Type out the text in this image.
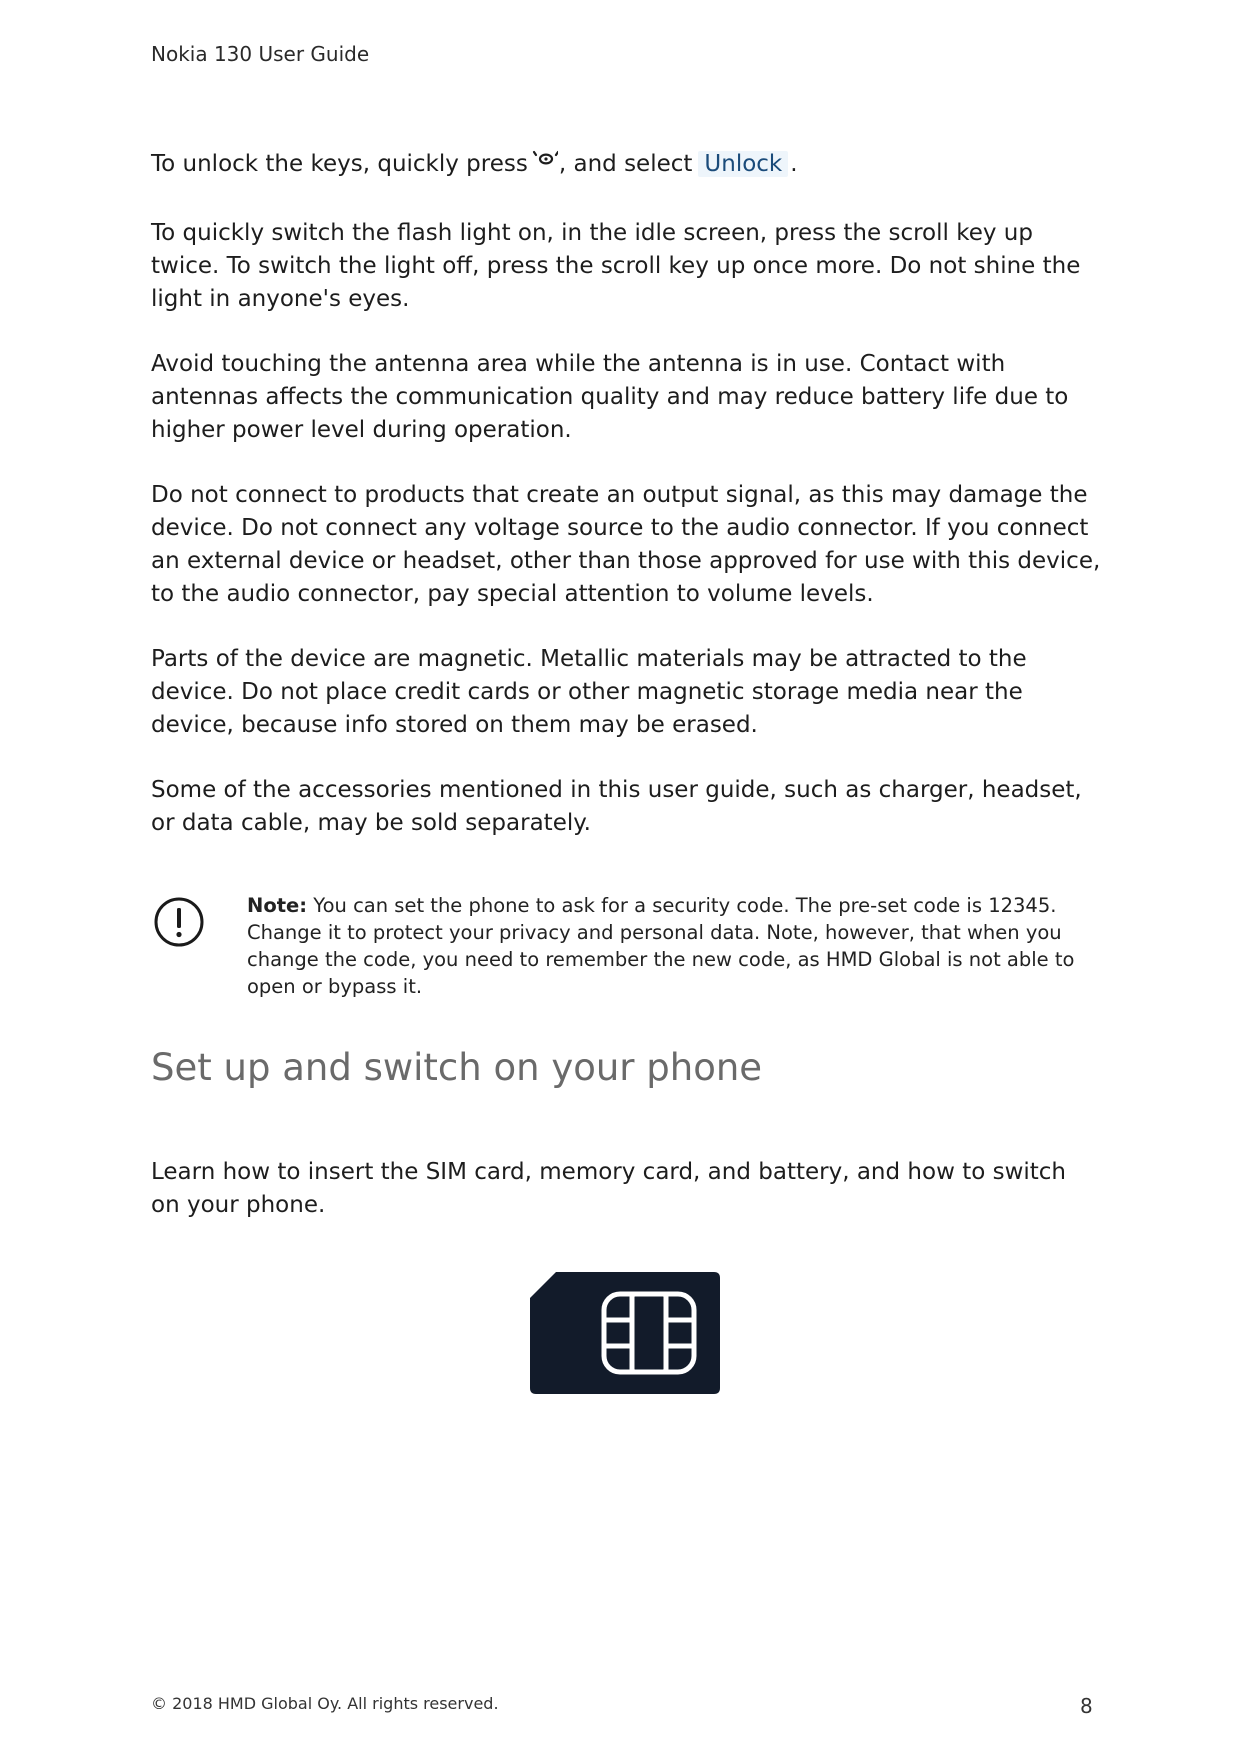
Nokia 130 User Guide

To unlock the keys, quickly press , and select Unlock .

To quickly switch the flash light on, in the idle screen, press the scroll key up twice. To switch the light off, press the scroll key up once more. Do not shine the light in anyone's eyes.

Avoid touching the antenna area while the antenna is in use. Contact with antennas affects the communication quality and may reduce battery life due to higher power level during operation.

Do not connect to products that create an output signal, as this may damage the device. Do not connect any voltage source to the audio connector. If you connect an external device or headset, other than those approved for use with this device, to the audio connector, pay special attention to volume levels.

Parts of the device are magnetic. Metallic materials may be attracted to the device. Do not place credit cards or other magnetic storage media near the device, because info stored on them may be erased.

Some of the accessories mentioned in this user guide, such as charger, headset, or data cable, may be sold separately.

Note: You can set the phone to ask for a security code. The pre-set code is 12345. Change it to protect your privacy and personal data. Note, however, that when you change the code, you need to remember the new code, as HMD Global is not able to open or bypass it.
Set up and switch on your phone

Learn how to insert the SIM card, memory card, and battery, and how to switch on your phone.

© 2018 HMD Global Oy. All rights reserved.	8
